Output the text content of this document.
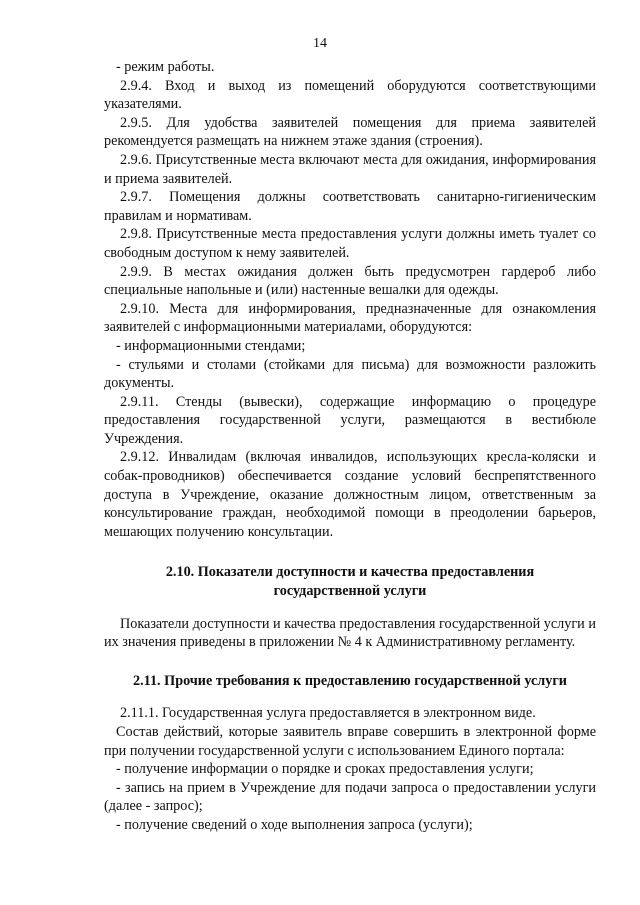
14

- режим работы.

2.9.4. Вход и выход из помещений оборудуются соответствующими указателями.

2.9.5. Для удобства заявителей помещения для приема заявителей рекомендуется размещать на нижнем этаже здания (строения).

2.9.6. Присутственные места включают места для ожидания, информирования и приема заявителей.

2.9.7. Помещения должны соответствовать санитарно-гигиеническим правилам и нормативам.

2.9.8. Присутственные места предоставления услуги должны иметь туалет со свободным доступом к нему заявителей.

2.9.9. В местах ожидания должен быть предусмотрен гардероб либо специальные напольные и (или) настенные вешалки для одежды.

2.9.10. Места для информирования, предназначенные для ознакомления заявителей с информационными материалами, оборудуются:

- информационными стендами;

- стульями и столами (стойками для письма) для возможности разложить документы.

2.9.11. Стенды (вывески), содержащие информацию о процедуре предоставления государственной услуги, размещаются в вестибюле Учреждения.

2.9.12. Инвалидам (включая инвалидов, использующих кресла-коляски и собак-проводников) обеспечивается создание условий беспрепятственного доступа в Учреждение, оказание должностным лицом, ответственным за консультирование граждан, необходимой помощи в преодолении барьеров, мешающих получению консультации.

2.10. Показатели доступности и качества предоставления
государственной услуги

Показатели доступности и качества предоставления государственной услуги и их значения приведены в приложении № 4 к Административному регламенту.

2.11. Прочие требования к предоставлению государственной услуги

2.11.1. Государственная услуга предоставляется в электронном виде.

Состав действий, которые заявитель вправе совершить в электронной форме при получении государственной услуги с использованием Единого портала:

- получение информации о порядке и сроках предоставления услуги;

- запись на прием в Учреждение для подачи запроса о предоставлении услуги (далее - запрос);

- получение сведений о ходе выполнения запроса (услуги);
